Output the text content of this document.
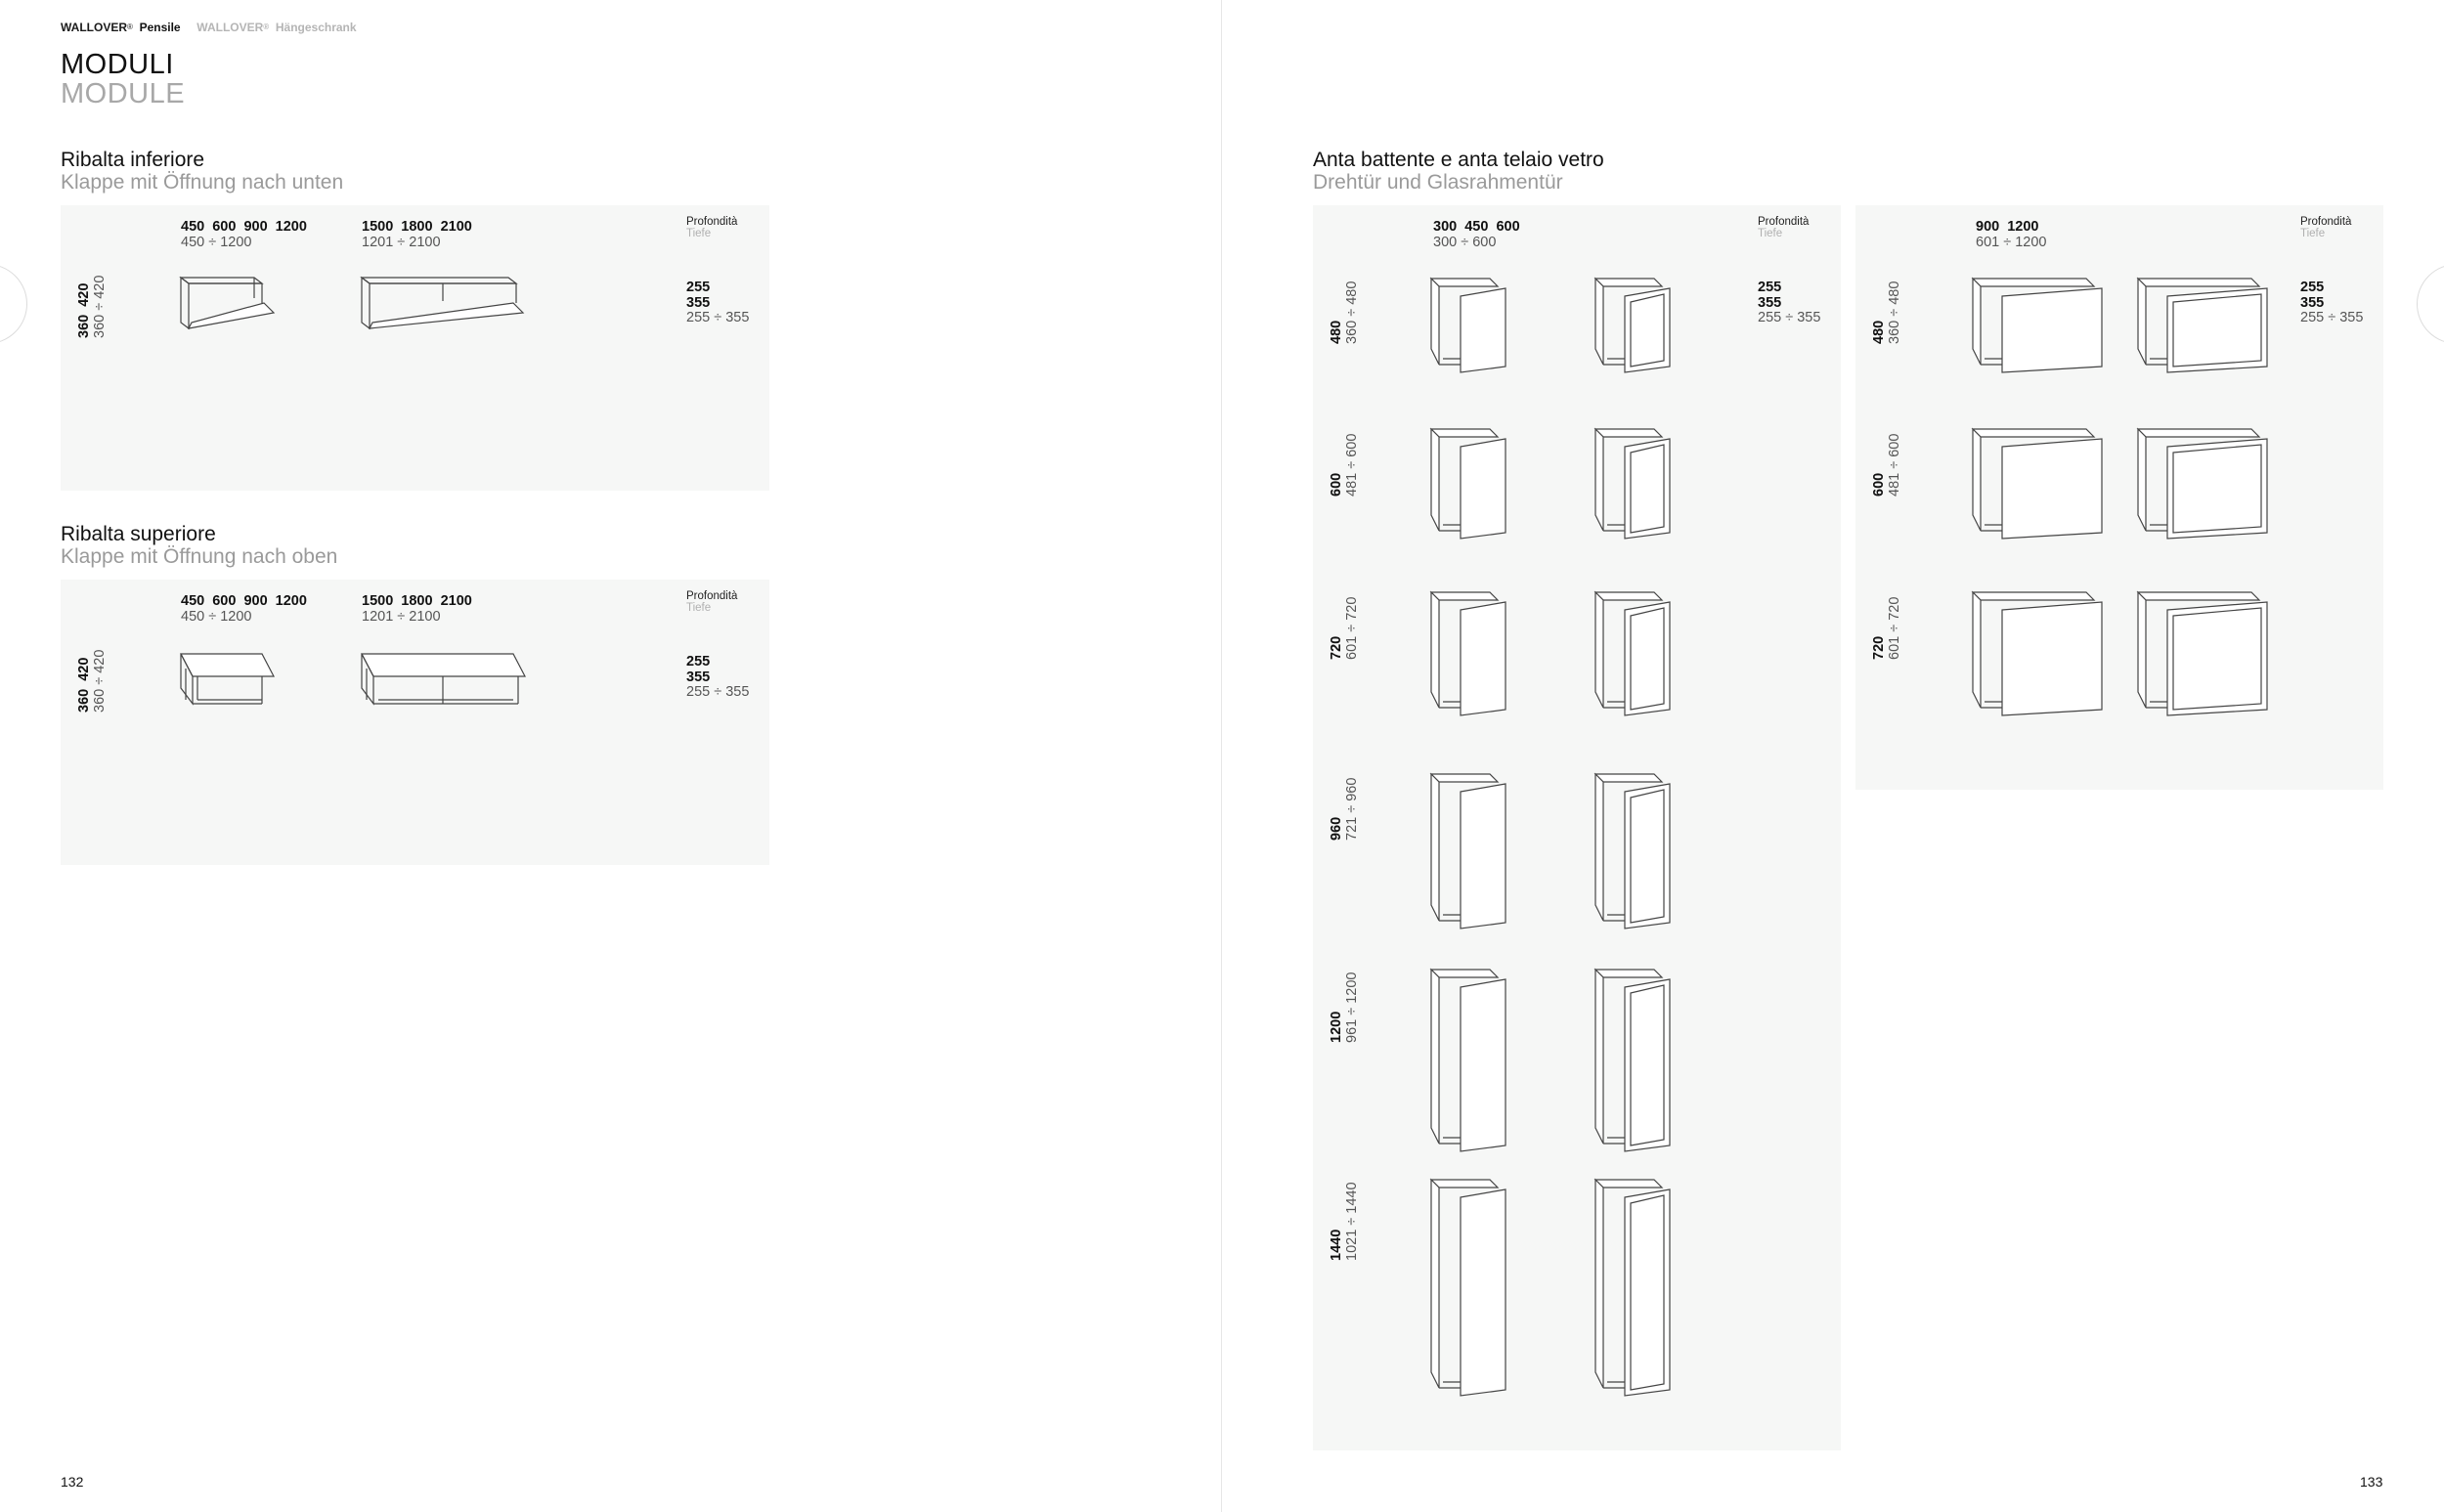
WALLOVER® Pensile WALLOVER® Hängeschrank
MODULI
MODULE
Ribalta inferiore
Klappe mit Öffnung nach unten
450 600 900 1200
450 ÷ 1200
1500 1800 2100
1201 ÷ 2100
Profondità
Tiefe
255
355
255 ÷ 355
360 420 360 ÷ 420
Ribalta superiore
Klappe mit Öffnung nach oben
450 600 900 1200
450 ÷ 1200
1500 1800 2100
1201 ÷ 2100
Profondità
Tiefe
255
355
255 ÷ 355
360 420 360 ÷ 420
132
Anta battente e anta telaio vetro
Drehtür und Glasrahmentür
300 450 600
300 ÷ 600
Profondità
Tiefe
255
355
255 ÷ 355
480 360 ÷ 480
600 481 ÷ 600
720 601 ÷ 720
960 721 ÷ 960
1200 961 ÷ 1200
1440 1021 ÷ 1440
900 1200
601 ÷ 1200
Profondità
Tiefe
255
355
255 ÷ 355
480 360 ÷ 480
600 481 ÷ 600
720 601 ÷ 720
133
